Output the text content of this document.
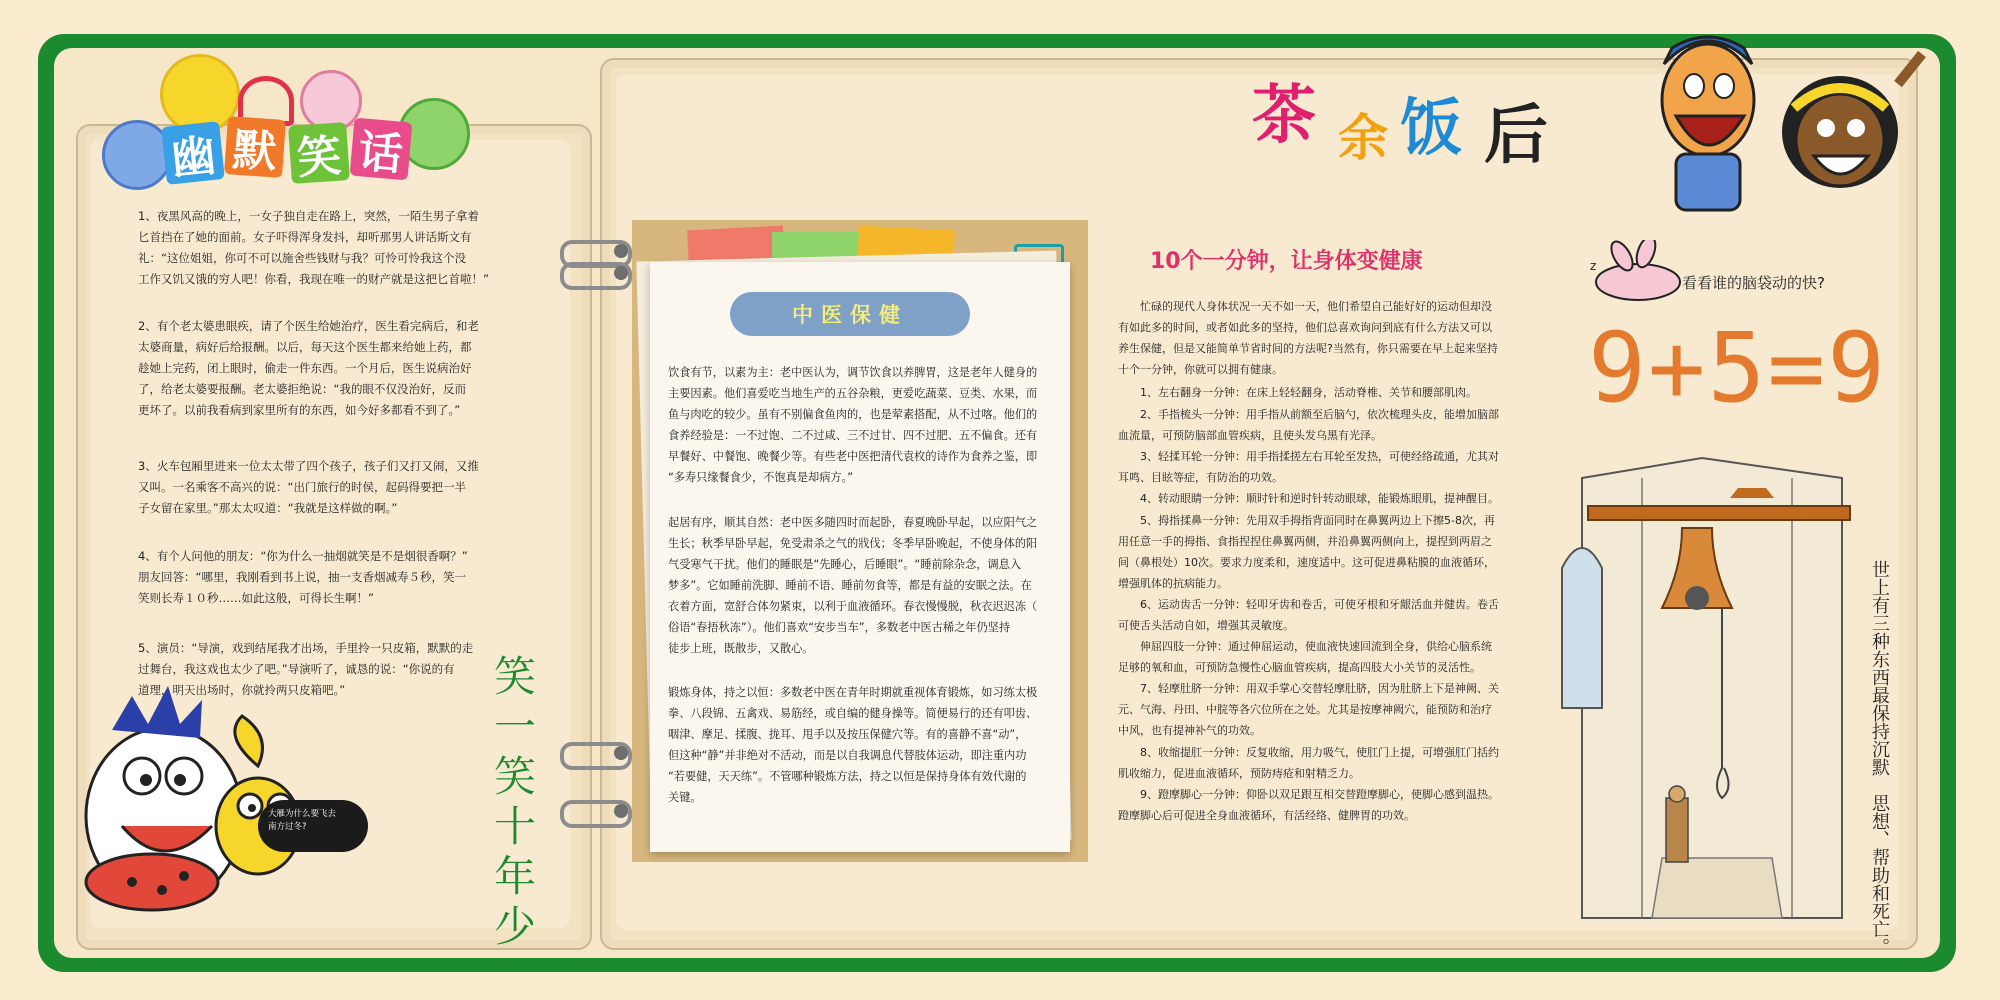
幽 默 笑 话
1、夜黑风高的晚上，一女子独自走在路上，突然，一陌生男子拿着
匕首挡在了她的面前。女子吓得浑身发抖，却听那男人讲话斯文有
礼：“这位姐姐，你可不可以施舍些钱财与我？可怜可怜我这个没
工作又饥又饿的穷人吧！你看，我现在唯一的财产就是这把匕首啦！”
2、有个老太婆患眼疾，请了个医生给她治疗，医生看完病后，和老
太婆商量，病好后给报酬。以后，每天这个医生都来给她上药，都
趁她上完药，闭上眼时，偷走一件东西。一个月后，医生说病治好
了，给老太婆要报酬。老太婆拒绝说：“我的眼不仅没治好，反而
更坏了。以前我看病到家里所有的东西，如今好多都看不到了。”
3、火车包厢里进来一位太太带了四个孩子，孩子们又打又闹，又推
又叫。一名乘客不高兴的说：“出门旅行的时侯，起码得要把一半
子女留在家里。”那太太叹道：“我就是这样做的啊。”
4、有个人问他的朋友：“你为什么一抽烟就笑是不是烟很香啊？”
朋友回答：“哪里，我刚看到书上说，抽一支香烟减寿５秒，笑一
笑则长寿１０秒……如此这般，可得长生啊！”
5、演员：“导演，戏到结尾我才出场，手里拎一只皮箱，默默的走
过舞台，我这戏也太少了吧。”导演听了，诚恳的说：“你说的有
道理，明天出场时，你就拎两只皮箱吧。”
大雁为什么要飞去
南方过冬?
笑
一
笑
十
年
少
中医保健
饮食有节，以素为主：老中医认为，调节饮食以养脾胃，这是老年人健身的
主要因素。他们喜爱吃当地生产的五谷杂粮，更爱吃蔬菜、豆类、水果，而
鱼与肉吃的较少。虽有不别偏食鱼肉的，也是荤素搭配，从不过喀。他们的
食养经验是：一不过饱、二不过咸、三不过甘、四不过肥、五不偏食。还有
早餐好、中餐饱、晚餐少等。有些老中医把清代袁枚的诗作为食养之鉴，即
“多寿只缘餐食少，不饱真是却病方。”
起居有序，顺其自然：老中医多随四时而起卧，春夏晚卧早起，以应阳气之
生长；秋季早卧早起，免受肃杀之气的戕伐；冬季早卧晚起，不使身体的阳
气受寒气干扰。他们的睡眠是“先睡心，后睡眼”。“睡前除杂念，调息入
梦多”。它如睡前洗脚、睡前不语、睡前勿食等，都是有益的安眠之法。在
衣着方面，宽舒合体勿紧束，以利于血液循环。春衣慢慢脱，秋衣迟迟冻（
俗语“春捂秋冻”）。他们喜欢“安步当车”，多数老中医古稀之年仍坚持
徒步上班，既散步，又散心。
锻炼身体，持之以恒：多数老中医在青年时期就重视体育锻炼，如习练太极
拳、八段锦、五禽戏、易筋经，或自编的健身操等。简便易行的还有叩齿、
咽津、摩足、揉腹、拢耳、甩手以及按压保健穴等。有的喜静不喜“动”，
但这种“静”并非绝对不活动，而是以自我调息代替肢体运动，即注重内功
“若要健，天天练”。不管哪种锻炼方法，持之以恒是保持身体有效代谢的
关键。
茶 余 饭 后
10个一分钟，让身体变健康
　　忙碌的现代人身体状况一天不如一天，他们希望自己能好好的运动但却没
有如此多的时间，或者如此多的坚持，他们总喜欢询问到底有什么方法又可以
养生保健，但是又能简单节省时间的方法呢?当然有，你只需要在早上起来坚持
十个一分钟，你就可以拥有健康。
　　1、左右翻身一分钟：在床上轻轻翻身，活动脊椎、关节和腰部肌肉。
　　2、手指梳头一分钟：用手指从前额至后脑勺，依次梳理头皮，能增加脑部
血流量，可预防脑部血管疾病，且使头发乌黑有光泽。
　　3、轻揉耳轮一分钟：用手指揉搓左右耳轮至发热，可使经络疏通，尤其对
耳鸣、目眩等症，有防治的功效。
　　4、转动眼睛一分钟：顺时针和逆时针转动眼球，能锻炼眼肌，提神醒目。
　　5、拇指揉鼻一分钟：先用双手拇指背面同时在鼻翼两边上下擦5-8次，再
用任意一手的拇指、食指捏捏住鼻翼两侧，并沿鼻翼两侧向上，提捏到两眉之
间（鼻根处）10次。要求力度柔和，速度适中。这可促进鼻粘膜的血液循环，
增强肌体的抗病能力。
　　6、运动齿舌一分钟：轻叩牙齿和卷舌，可使牙根和牙龈活血并健齿。卷舌
可使舌头活动自如，增强其灵敏度。
　　伸屈四肢一分钟：通过伸屈运动，使血液快速回流到全身，供给心脑系统
足够的氧和血，可预防急慢性心脑血管疾病，提高四肢大小关节的灵活性。
　　7、轻摩肚脐一分钟：用双手掌心交替轻摩肚脐，因为肚脐上下是神阙、关
元、气海、丹田、中脘等各穴位所在之处。尤其是按摩神阙穴，能预防和治疗
中风，也有提神补气的功效。
　　8、收缩提肛一分钟：反复收缩，用力吸气，使肛门上提，可增强肛门括约
肌收缩力，促进血液循环，预防痔疮和射精乏力。
　　9、蹬摩脚心一分钟：仰卧以双足跟互相交替蹬摩脚心，使脚心感到温热。
蹬摩脚心后可促进全身血液循环，有活经络、健脾胃的功效。
z
看看谁的脑袋动的快?
9+5=9
世上有三种东西最保持沉默　思想、帮助和死亡。
